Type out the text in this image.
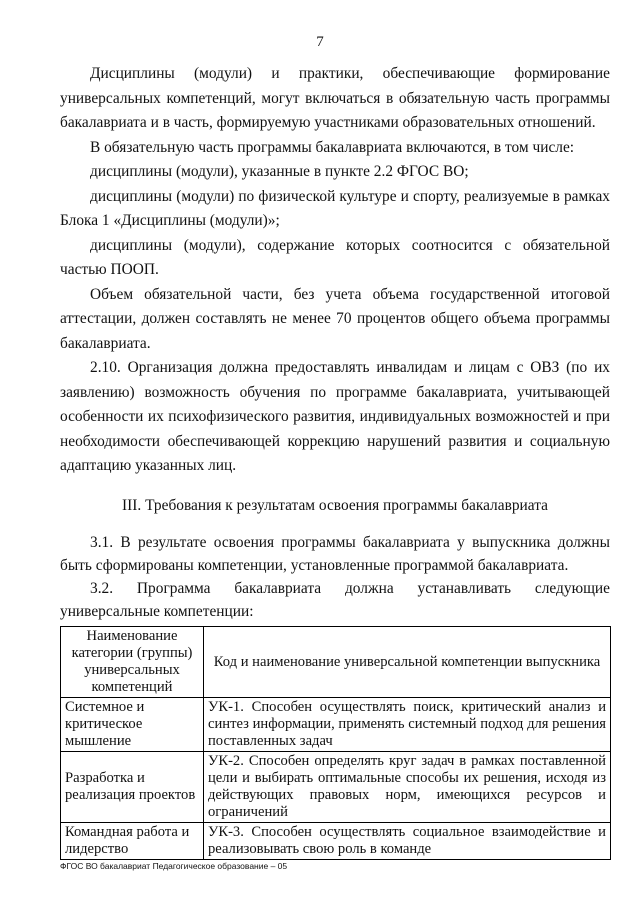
7

Дисциплины (модули) и практики, обеспечивающие формирование универсальных компетенций, могут включаться в обязательную часть программы бакалавриата и в часть, формируемую участниками образовательных отношений.

В обязательную часть программы бакалавриата включаются, в том числе:

дисциплины (модули), указанные в пункте 2.2 ФГОС ВО;

дисциплины (модули) по физической культуре и спорту, реализуемые в рамках Блока 1 «Дисциплины (модули)»;

дисциплины (модули), содержание которых соотносится с обязательной частью ПООП.

Объем обязательной части, без учета объема государственной итоговой аттестации, должен составлять не менее 70 процентов общего объема программы бакалавриата.

2.10. Организация должна предоставлять инвалидам и лицам с ОВЗ (по их заявлению) возможность обучения по программе бакалавриата, учитывающей особенности их психофизического развития, индивидуальных возможностей и при необходимости обеспечивающей коррекцию нарушений развития и социальную адаптацию указанных лиц.

III. Требования к результатам освоения программы бакалавриата

3.1. В результате освоения программы бакалавриата у выпускника должны быть сформированы компетенции, установленные программой бакалавриата.

3.2. Программа бакалавриата должна устанавливать следующие универсальные компетенции:

Наименование категории (группы) универсальных компетенций	Код и наименование универсальной компетенции выпускника
Системное и критическое мышление	УК-1. Способен осуществлять поиск, критический анализ и синтез информации, применять системный подход для решения поставленных задач
Разработка и реализация проектов	УК-2. Способен определять круг задач в рамках поставленной цели и выбирать оптимальные способы их решения, исходя из действующих правовых норм, имеющихся ресурсов и ограничений
Командная работа и лидерство	УК-3. Способен осуществлять социальное взаимодействие и реализовывать свою роль в команде
ФГОС ВО бакалавриат Педагогическое образование – 05
